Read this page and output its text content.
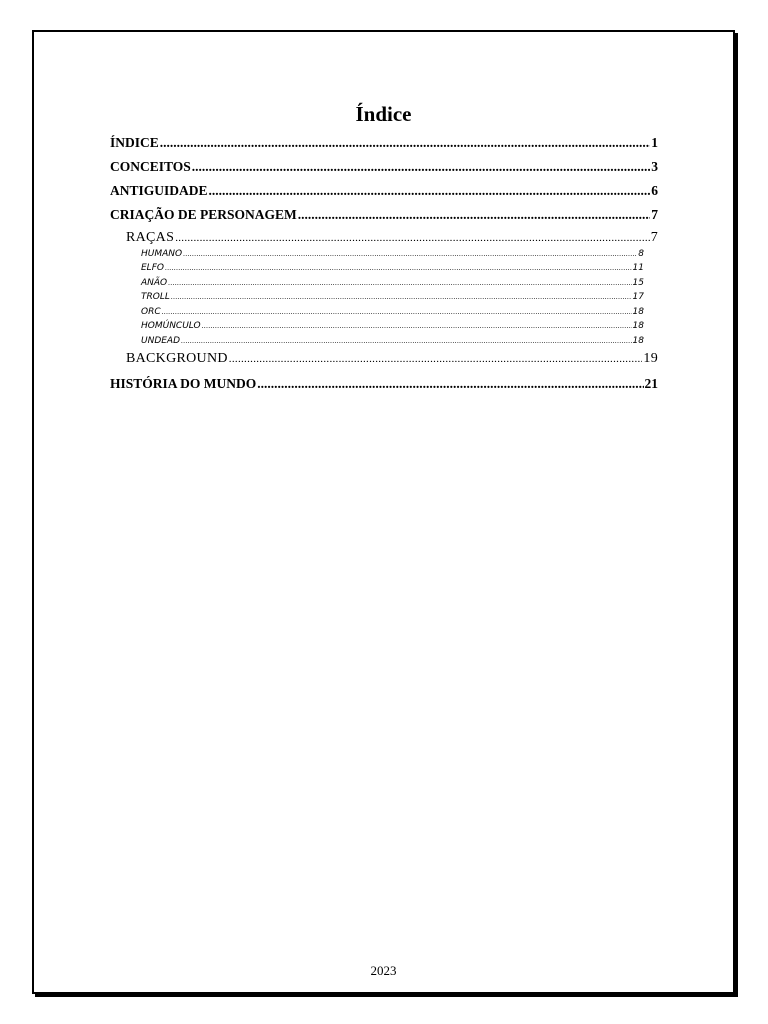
Índice
ÍNDICE .....	1
CONCEITOS .....	3
ANTIGUIDADE .....	6
CRIAÇÃO DE PERSONAGEM .....	7
RAÇAS .....	7
HUMANO .....	8
ELFO .....	11
ANÃO .....	15
TROLL .....	17
ORC .....	18
HOMÚNCULO .....	18
UNDEAD .....	18
BACKGROUND .....	19
HISTÓRIA DO MUNDO .....	21
2023
